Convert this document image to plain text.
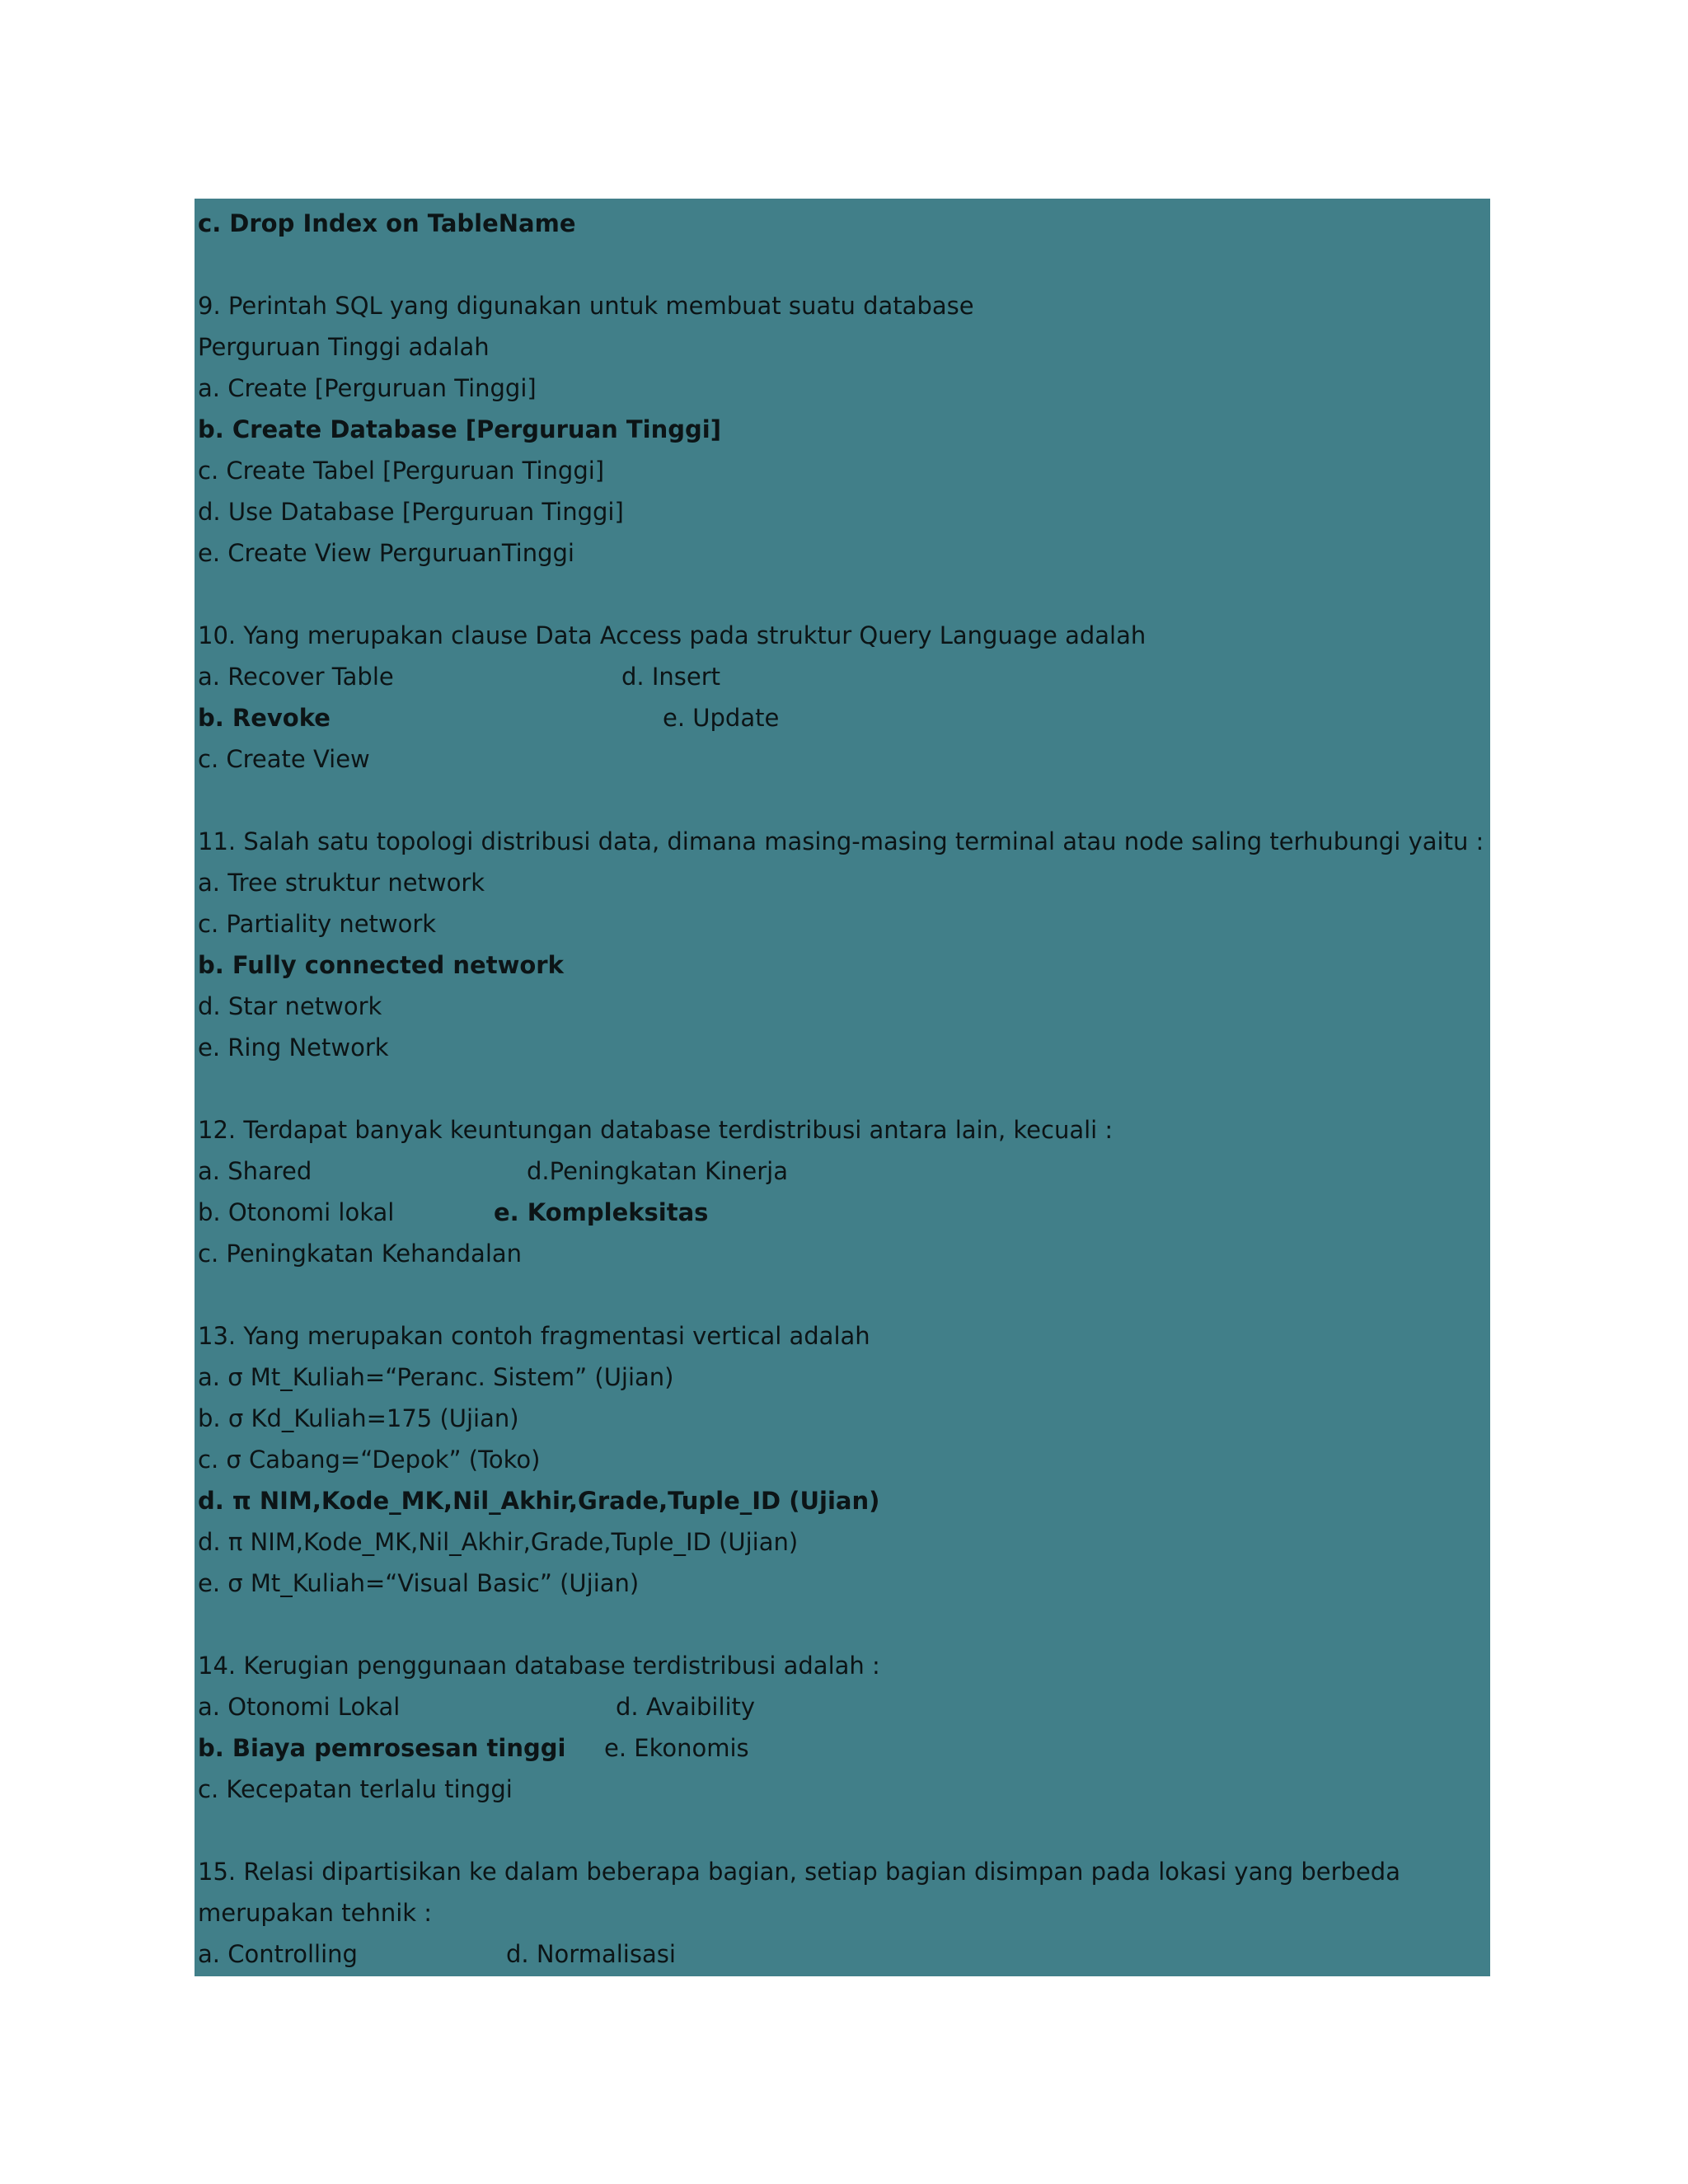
c. Drop Index on TableName
9. Perintah SQL yang digunakan untuk membuat suatu database
Perguruan Tinggi adalah
a. Create [Perguruan Tinggi]
b. Create Database [Perguruan Tinggi]
c. Create Tabel [Perguruan Tinggi]
d. Use Database [Perguruan Tinggi]
e. Create View PerguruanTinggi
10. Yang merupakan clause Data Access pada struktur Query Language adalah
a. Recover Table	d. Insert
b. Revoke	e. Update
c. Create View
11. Salah satu topologi distribusi data, dimana masing-masing terminal atau node saling terhubungi yaitu :
a. Tree struktur network
c. Partiality network
b. Fully connected network
d. Star network
e. Ring Network
12. Terdapat banyak keuntungan database terdistribusi antara lain, kecuali :
a. Shared	d.Peningkatan Kinerja
b. Otonomi lokal	e. Kompleksitas
c. Peningkatan Kehandalan
13. Yang merupakan contoh fragmentasi vertical adalah
a. σ Mt_Kuliah=“Peranc. Sistem” (Ujian)
b. σ Kd_Kuliah=175 (Ujian)
c. σ Cabang=“Depok” (Toko)
d. π NIM,Kode_MK,Nil_Akhir,Grade,Tuple_ID (Ujian)
d. π NIM,Kode_MK,Nil_Akhir,Grade,Tuple_ID (Ujian)
e. σ Mt_Kuliah=“Visual Basic” (Ujian)
14. Kerugian penggunaan database terdistribusi adalah :
a. Otonomi Lokal	d. Avaibility
b. Biaya pemrosesan tinggi e. Ekonomis
c. Kecepatan terlalu tinggi
15. Relasi dipartisikan ke dalam beberapa bagian, setiap bagian disimpan pada lokasi yang berbeda
merupakan tehnik :
a. Controlling	d. Normalisasi
